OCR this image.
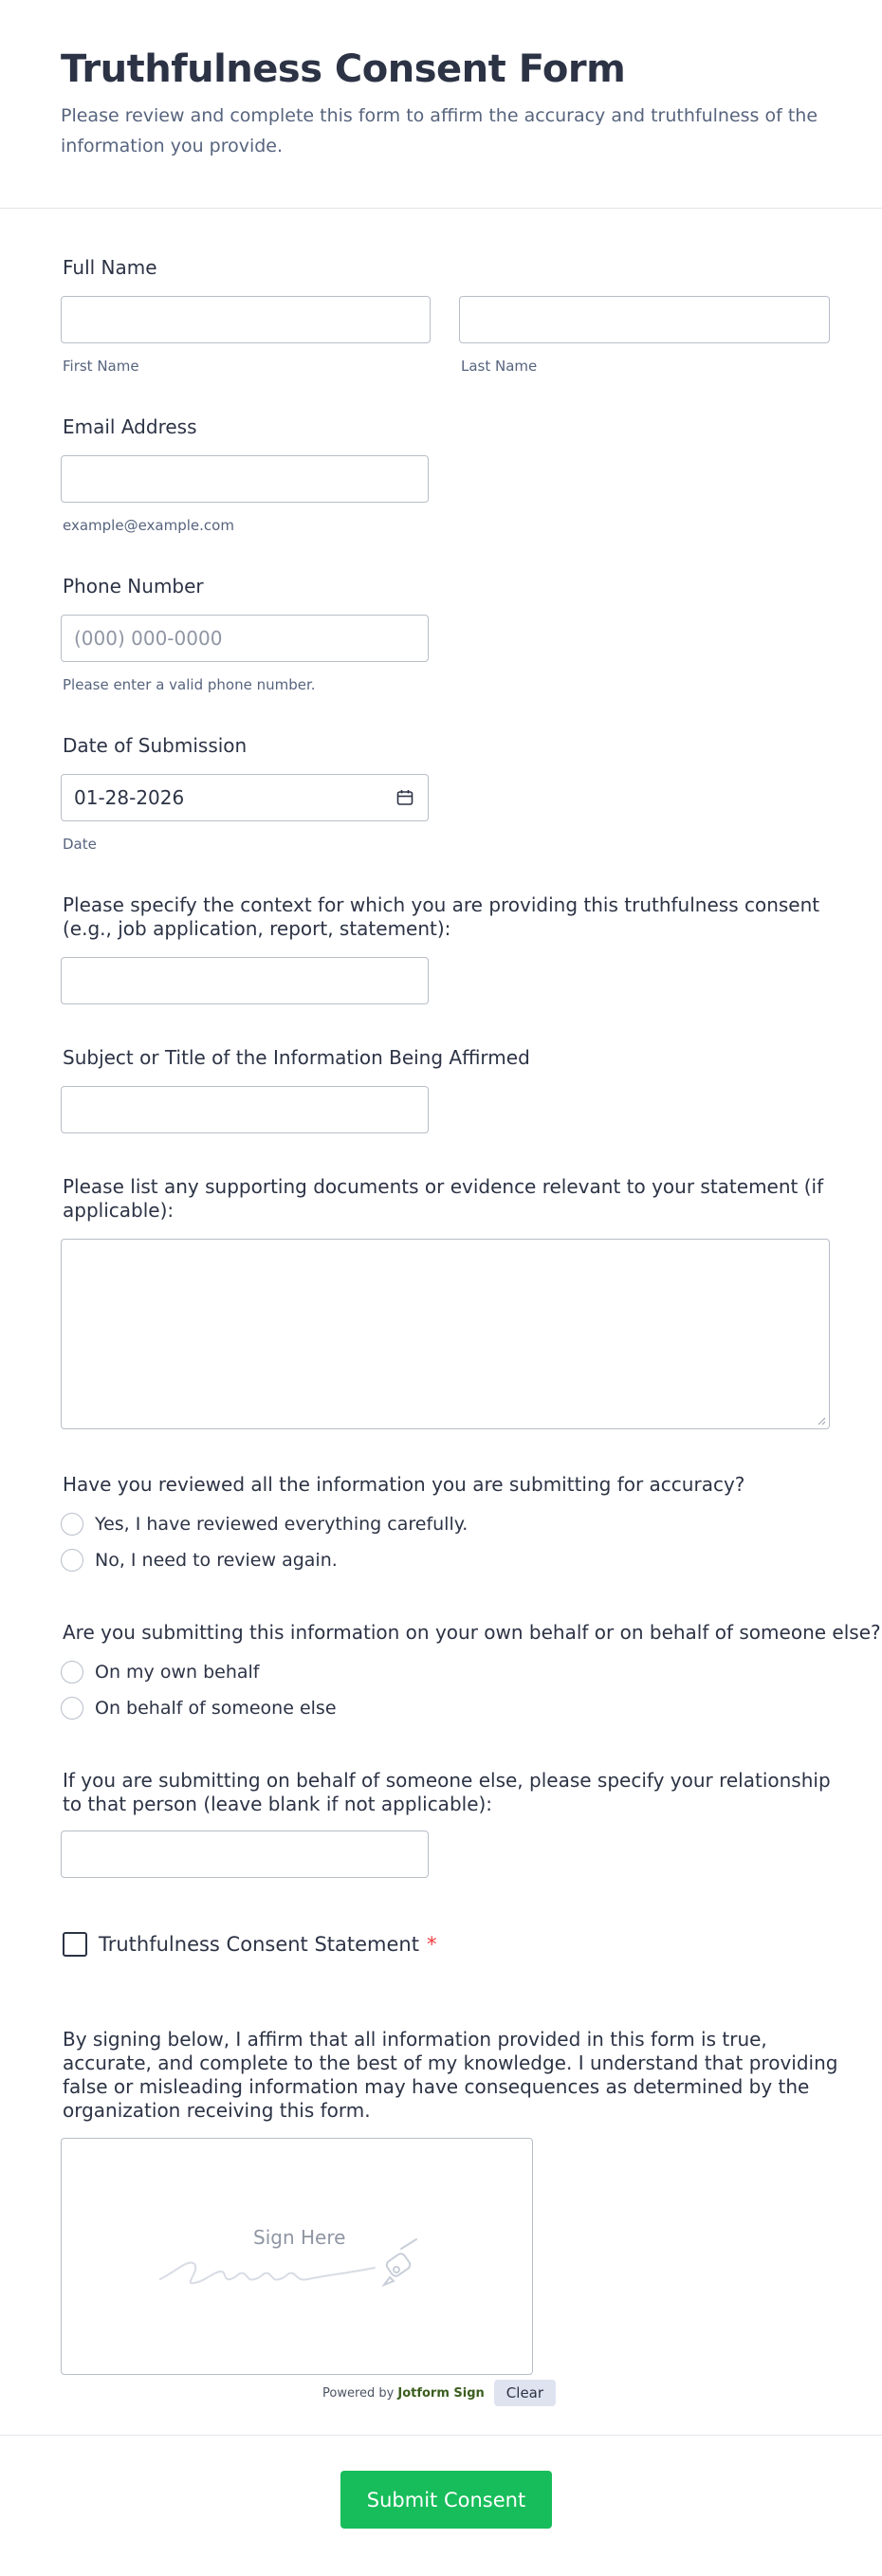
Truthfulness Consent Form

Please review and complete this form to affirm the accuracy and truthfulness of the information you provide.

Full Name
First Name	Last Name
Email Address
example@example.com
Phone Number
(000) 000-0000
Please enter a valid phone number.
Date of Submission
01-28-2026
Date
Please specify the context for which you are providing this truthfulness consent (e.g., job application, report, statement):
Subject or Title of the Information Being Affirmed
Please list any supporting documents or evidence relevant to your statement (if applicable):
Have you reviewed all the information you are submitting for accuracy?
Yes, I have reviewed everything carefully.
No, I need to review again.
Are you submitting this information on your own behalf or on behalf of someone else?
On my own behalf
On behalf of someone else
If you are submitting on behalf of someone else, please specify your relationship to that person (leave blank if not applicable):
Truthfulness Consent Statement *
By signing below, I affirm that all information provided in this form is true, accurate, and complete to the best of my knowledge. I understand that providing false or misleading information may have consequences as determined by the organization receiving this form.
Sign Here
Powered by Jotform Sign	Clear
Submit Consent
